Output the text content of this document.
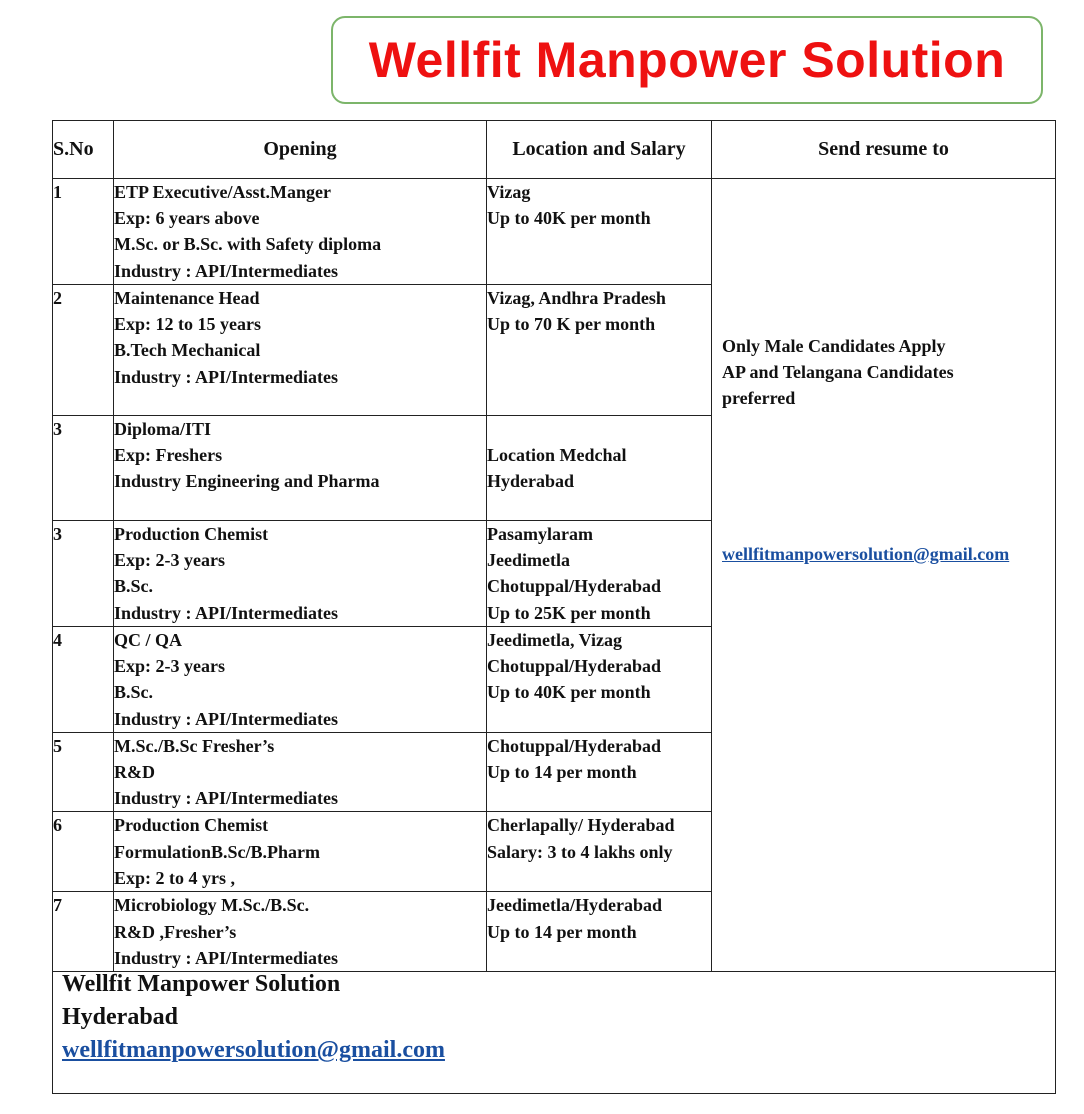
Wellfit Manpower Solution
S.No	Opening	Location and Salary	Send resume to
1	ETP Executive/Asst.Manger
Exp: 6 years above
M.Sc. or B.Sc. with Safety diploma
Industry : API/Intermediates	Vizag
Up to 40K per month	Only Male Candidates Apply
AP and Telangana Candidates
preferred
wellfitmanpowersolution@gmail.com

2	Maintenance Head
Exp: 12 to 15 years
B.Tech Mechanical
Industry : API/Intermediates	Vizag, Andhra Pradesh
Up to 70 K per month	

3	Diploma/ITI
Exp: Freshers
Industry Engineering and Pharma	Location Medchal
Hyderabad	

3	Production Chemist
Exp: 2-3 years
B.Sc.
Industry : API/Intermediates	Pasamylaram
Jeedimetla
Chotuppal/Hyderabad
Up to 25K per month	

4	QC / QA
Exp: 2-3 years
B.Sc.
Industry : API/Intermediates	Jeedimetla, Vizag
Chotuppal/Hyderabad
Up to 40K per month	

5	M.Sc./B.Sc Fresher’s
R&D
Industry : API/Intermediates	Chotuppal/Hyderabad
Up to 14 per month	

6	Production Chemist
FormulationB.Sc/B.Pharm
Exp: 2 to 4 yrs ,	Cherlapally/ Hyderabad
Salary: 3 to 4 lakhs only	

7	Microbiology M.Sc./B.Sc.
R&D ,Fresher’s
Industry : API/Intermediates	Jeedimetla/Hyderabad
Up to 14 per month	
Wellfit Manpower Solution
Hyderabad
wellfitmanpowersolution@gmail.com
